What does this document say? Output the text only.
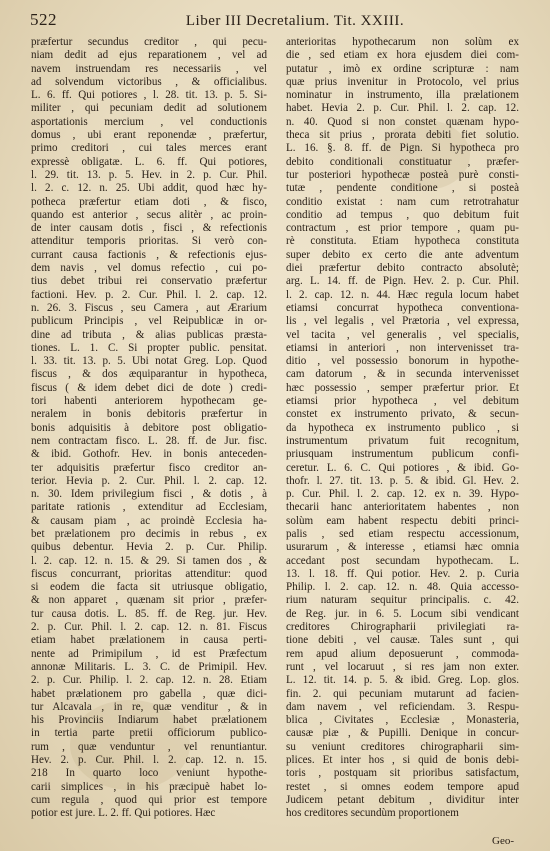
522	Liber III Decretalium. Tit. XXIII.
præfertur secundus creditor , qui pecu-
niam dedit ad ejus reparationem , vel ad
navem instruendam res necessariis , vel
ad solvendum victoribus , & officialibus.
L. 6. ff. Qui potiores , l. 28. tit. 13. p. 5. Si-
militer , qui pecuniam dedit ad solutionem
asportationis mercium , vel conductionis
domus , ubi erant reponendæ , præfertur,
primo creditori , cui tales merces erant
expressè obligatæ. L. 6. ff. Qui potiores,
l. 29. tit. 13. p. 5. Hev. in 2. p. Cur. Phil.
l. 2. c. 12. n. 25. Ubi addit, quod hæc hy-
potheca præfertur etiam doti , & fisco,
quando est anterior , secus alitèr , ac proin-
de inter causam dotis , fisci , & refectionis
attenditur temporis prioritas. Si verò con-
currant causa factionis , & refectionis ejus-
dem navis , vel domus refectio , cui po-
tius debet tribui rei conservatio præfertur
factioni. Hev. p. 2. Cur. Phil. l. 2. cap. 12.
n. 26. 3. Fiscus , seu Camera , aut Ærarium
publicum Principis , vel Reipublicæ in or-
dine ad tributa , & alias publicas præsta-
tiones. L. 1. C. Si propter public. pensitat.
l. 33. tit. 13. p. 5. Ubi notat Greg. Lop. Quod
fiscus , & dos æquiparantur in hypotheca,
fiscus ( & idem debet dici de dote ) credi-
tori habenti anteriorem hypothecam ge-
neralem in bonis debitoris præfertur in
bonis adquisitis à debitore post obligatio-
nem contractam fisco. L. 28. ff. de Jur. fisc.
& ibid. Gothofr. Hev. in bonis anteceden-
ter adquisitis præfertur fisco creditor an-
terior. Hevia p. 2. Cur. Phil. l. 2. cap. 12.
n. 30. Idem privilegium fisci , & dotis , à
paritate rationis , extenditur ad Ecclesiam,
& causam piam , ac proindè Ecclesia ha-
bet prælationem pro decimis in rebus , ex
quibus debentur. Hevia 2. p. Cur. Philip.
l. 2. cap. 12. n. 15. & 29. Si tamen dos , &
fiscus concurrant, prioritas attenditur: quod
si eodem die facta sit utriusque obligatio,
& non apparet , quænam sit prior , præfer-
tur causa dotis. L. 85. ff. de Reg. jur. Hev.
2. p. Cur. Phil. l. 2. cap. 12. n. 81. Fiscus
etiam habet prælationem in causa perti-
nente ad Primipilum , id est Præfectum
annonæ Militaris. L. 3. C. de Primipil. Hev.
2. p. Cur. Philip. l. 2. cap. 12. n. 28. Etiam
habet prælationem pro gabella , quæ dici-
tur Alcavala , in re, quæ venditur , & in
his Provinciis Indiarum habet prælationem
in tertia parte pretii officiorum publico-
rum , quæ venduntur , vel renuntiantur.
Hev. 2. p. Cur. Phil. l. 2. cap. 12. n. 15.
218 In quarto loco veniunt hypothe-
carii simplices , in his præcipuè habet lo-
cum regula , quod qui prior est tempore
potior est jure. L. 2. ff. Qui potiores. Hæc
anterioritas hypothecarum non solùm ex
die , sed etiam ex hora ejusdem diei com-
putatur , imò ex ordine scripturæ : nam
quæ prius invenitur in Protocolo, vel prius
nominatur in instrumento, illa prælationem
habet. Hevia 2. p. Cur. Phil. l. 2. cap. 12.
n. 40. Quod si non constet quænam hypo-
theca sit prius , prorata debiti fiet solutio.
L. 16. §. 8. ff. de Pign. Si hypotheca pro
debito conditionali constituatur , præfer-
tur posteriori hypothecæ posteà purè consti-
tutæ , pendente conditione , si posteà
conditio existat : nam cum retrotrahatur
conditio ad tempus , quo debitum fuit
contractum , est prior tempore , quam pu-
rè constituta. Etiam hypotheca constituta
super debito ex certo die ante adventum
diei præfertur debito contracto absolutè;
arg. L. 14. ff. de Pign. Hev. 2. p. Cur. Phil.
l. 2. cap. 12. n. 44. Hæc regula locum habet
etiamsi concurrat hypotheca conventiona-
lis , vel legalis , vel Prætoria , vel expressa,
vel tacita , vel generalis , vel specialis,
etiamsi in anteriori , non intervenisset tra-
ditio , vel possessio bonorum in hypothe-
cam datorum , & in secunda intervenisset
hæc possessio , semper præfertur prior. Et
etiamsi prior hypotheca , vel debitum
constet ex instrumento privato, & secun-
da hypotheca ex instrumento publico , si
instrumentum privatum fuit recognitum,
priusquam instrumentum publicum confi-
ceretur. L. 6. C. Qui potiores , & ibid. Go-
thofr. l. 27. tit. 13. p. 5. & ibid. Gl. Hev. 2.
p. Cur. Phil. l. 2. cap. 12. ex n. 39. Hypo-
thecarii hanc anterioritatem habentes , non
solùm eam habent respectu debiti princi-
palis , sed etiam respectu accessionum,
usurarum , & interesse , etiamsi hæc omnia
accedant post secundam hypothecam. L.
13. l. 18. ff. Qui potior. Hev. 2. p. Curia
Philip. l. 2. cap. 12. n. 48. Quia accesso-
rium naturam sequitur principalis. c. 42.
de Reg. jur. in 6. 5. Locum sibi vendicant
creditores Chirographarii privilegiati ra-
tione debiti , vel causæ. Tales sunt , qui
rem apud alium deposuerunt , commoda-
runt , vel locaruut , si res jam non exter.
L. 12. tit. 14. p. 5. & ibid. Greg. Lop. glos.
fin. 2. qui pecuniam mutarunt ad facien-
dam navem , vel reficiendam. 3. Respu-
blica , Civitates , Ecclesiæ , Monasteria,
causæ piæ , & Pupilli. Denique in concur-
su veniunt creditores chirographarii sim-
plices. Et inter hos , si quid de bonis debi-
toris , postquam sit prioribus satisfactum,
restet , si omnes eodem tempore apud
Judicem petant debitum , dividitur inter
hos creditores secundùm proportionem
Geo-
